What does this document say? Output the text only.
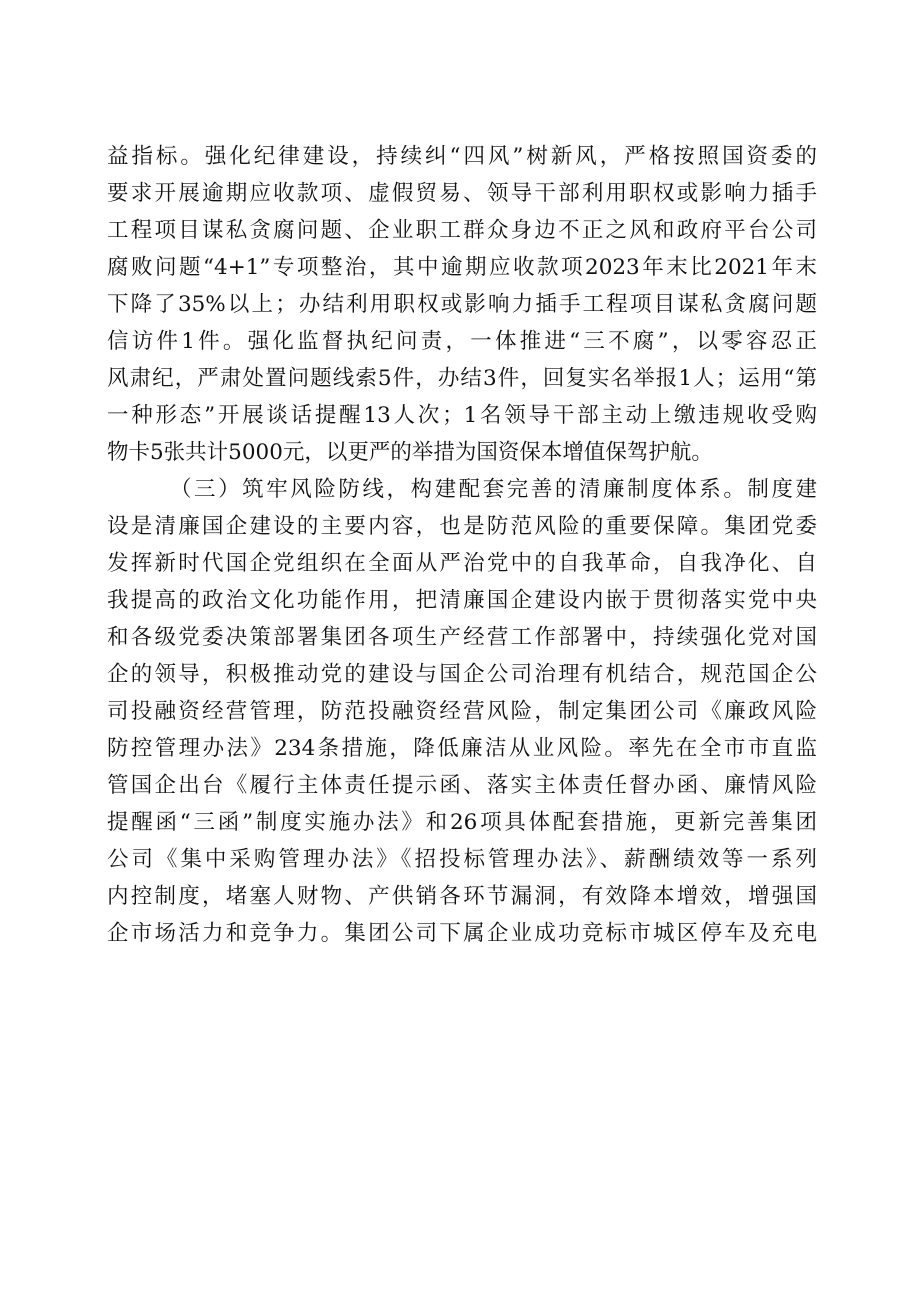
益指标。强化纪律建设，持续纠“四风”树新风，严格按照国资委的
要求开展逾期应收款项、虚假贸易、领导干部利用职权或影响力插手
工程项目谋私贪腐问题、企业职工群众身边不正之风和政府平台公司
腐败问题“4+1”专项整治，其中逾期应收款项2023年末比2021年末
下降了35%以上；办结利用职权或影响力插手工程项目谋私贪腐问题
信访件1件。强化监督执纪问责，一体推进“三不腐”，以零容忍正
风肃纪，严肃处置问题线索5件，办结3件，回复实名举报1人；运用“第
一种形态”开展谈话提醒13人次；1名领导干部主动上缴违规收受购
物卡5张共计5000元，以更严的举措为国资保本增值保驾护航。
（三）筑牢风险防线，构建配套完善的清廉制度体系。制度建
设是清廉国企建设的主要内容，也是防范风险的重要保障。集团党委
发挥新时代国企党组织在全面从严治党中的自我革命，自我净化、自
我提高的政治文化功能作用，把清廉国企建设内嵌于贯彻落实党中央
和各级党委决策部署集团各项生产经营工作部署中，持续强化党对国
企的领导，积极推动党的建设与国企公司治理有机结合，规范国企公
司投融资经营管理，防范投融资经营风险，制定集团公司《廉政风险
防控管理办法》234条措施，降低廉洁从业风险。率先在全市市直监
管国企出台《履行主体责任提示函、落实主体责任督办函、廉情风险
提醒函“三函”制度实施办法》和26项具体配套措施，更新完善集团
公司《集中采购管理办法》《招投标管理办法》、薪酬绩效等一系列
内控制度，堵塞人财物、产供销各环节漏洞，有效降本增效，增强国
企市场活力和竞争力。集团公司下属企业成功竞标市城区停车及充电
